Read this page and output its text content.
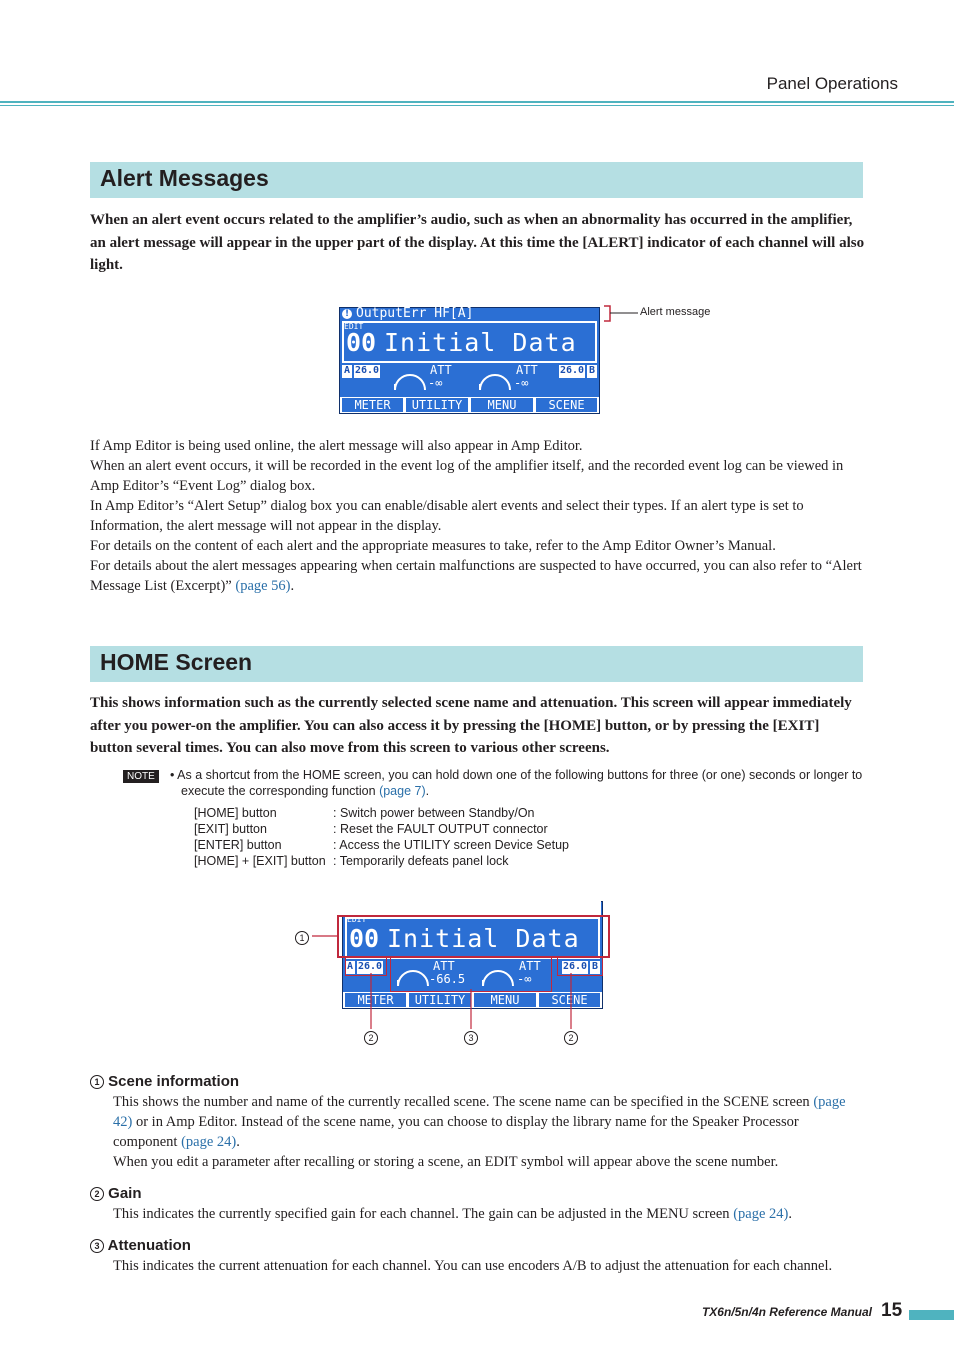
Panel Operations
Alert Messages

When an alert event occurs related to the amplifier’s audio, such as when an abnormality has occurred in the amplifier, an alert message will appear in the upper part of the display. At this time the [ALERT] indicator of each channel will also light.

! OutputErr HF[A]
EDIT
00 Initial Data
A 26.0	ATT
-∞
ATT
-∞
26.0 B
METER	UTILITY	MENU	SCENE
Alert message

If Amp Editor is being used online, the alert message will also appear in Amp Editor.

When an alert event occurs, it will be recorded in the event log of the amplifier itself, and the recorded event log can be viewed in Amp Editor’s “Event Log” dialog box.

In Amp Editor’s “Alert Setup” dialog box you can enable/disable alert events and select their types. If an alert type is set to Information, the alert message will not appear in the display.

For details on the content of each alert and the appropriate measures to take, refer to the Amp Editor Owner’s Manual.

For details about the alert messages appearing when certain malfunctions are suspected to have occurred, you can also refer to “Alert Message List (Excerpt)” (page 56).

HOME Screen

This shows information such as the currently selected scene name and attenuation. This screen will appear immediately after you power-on the amplifier. You can also access it by pressing the [HOME] button, or by pressing the [EXIT] button several times. You can also move from this screen to various other screens.

NOTE	• As a shortcut from the HOME screen, you can hold down one of the following buttons for three (or one) seconds or longer to execute the corresponding function (page 7).
[HOME] button	: Switch power between Standby/On
[EXIT] button	: Reset the FAULT OUTPUT connector
[ENTER] button	: Access the UTILITY screen Device Setup
[HOME] + [EXIT] button : Temporarily defeats panel lock
EDIT
00 Initial Data
A 26.0	ATT
-66.5
ATT
-∞
26.0 B
METER	UTILITY	MENU	SCENE
1
2	3	2
1 Scene information

This shows the number and name of the currently recalled scene. The scene name can be specified in the SCENE screen (page 42) or in Amp Editor. Instead of the scene name, you can choose to display the library name for the Speaker Processor component (page 24).

When you edit a parameter after recalling or storing a scene, an EDIT symbol will appear above the scene number.

2 Gain

This indicates the currently specified gain for each channel. The gain can be adjusted in the MENU screen (page 24).

3 Attenuation

This indicates the current attenuation for each channel. You can use encoders A/B to adjust the attenuation for each channel.

TX6n/5n/4n Reference Manual 15
